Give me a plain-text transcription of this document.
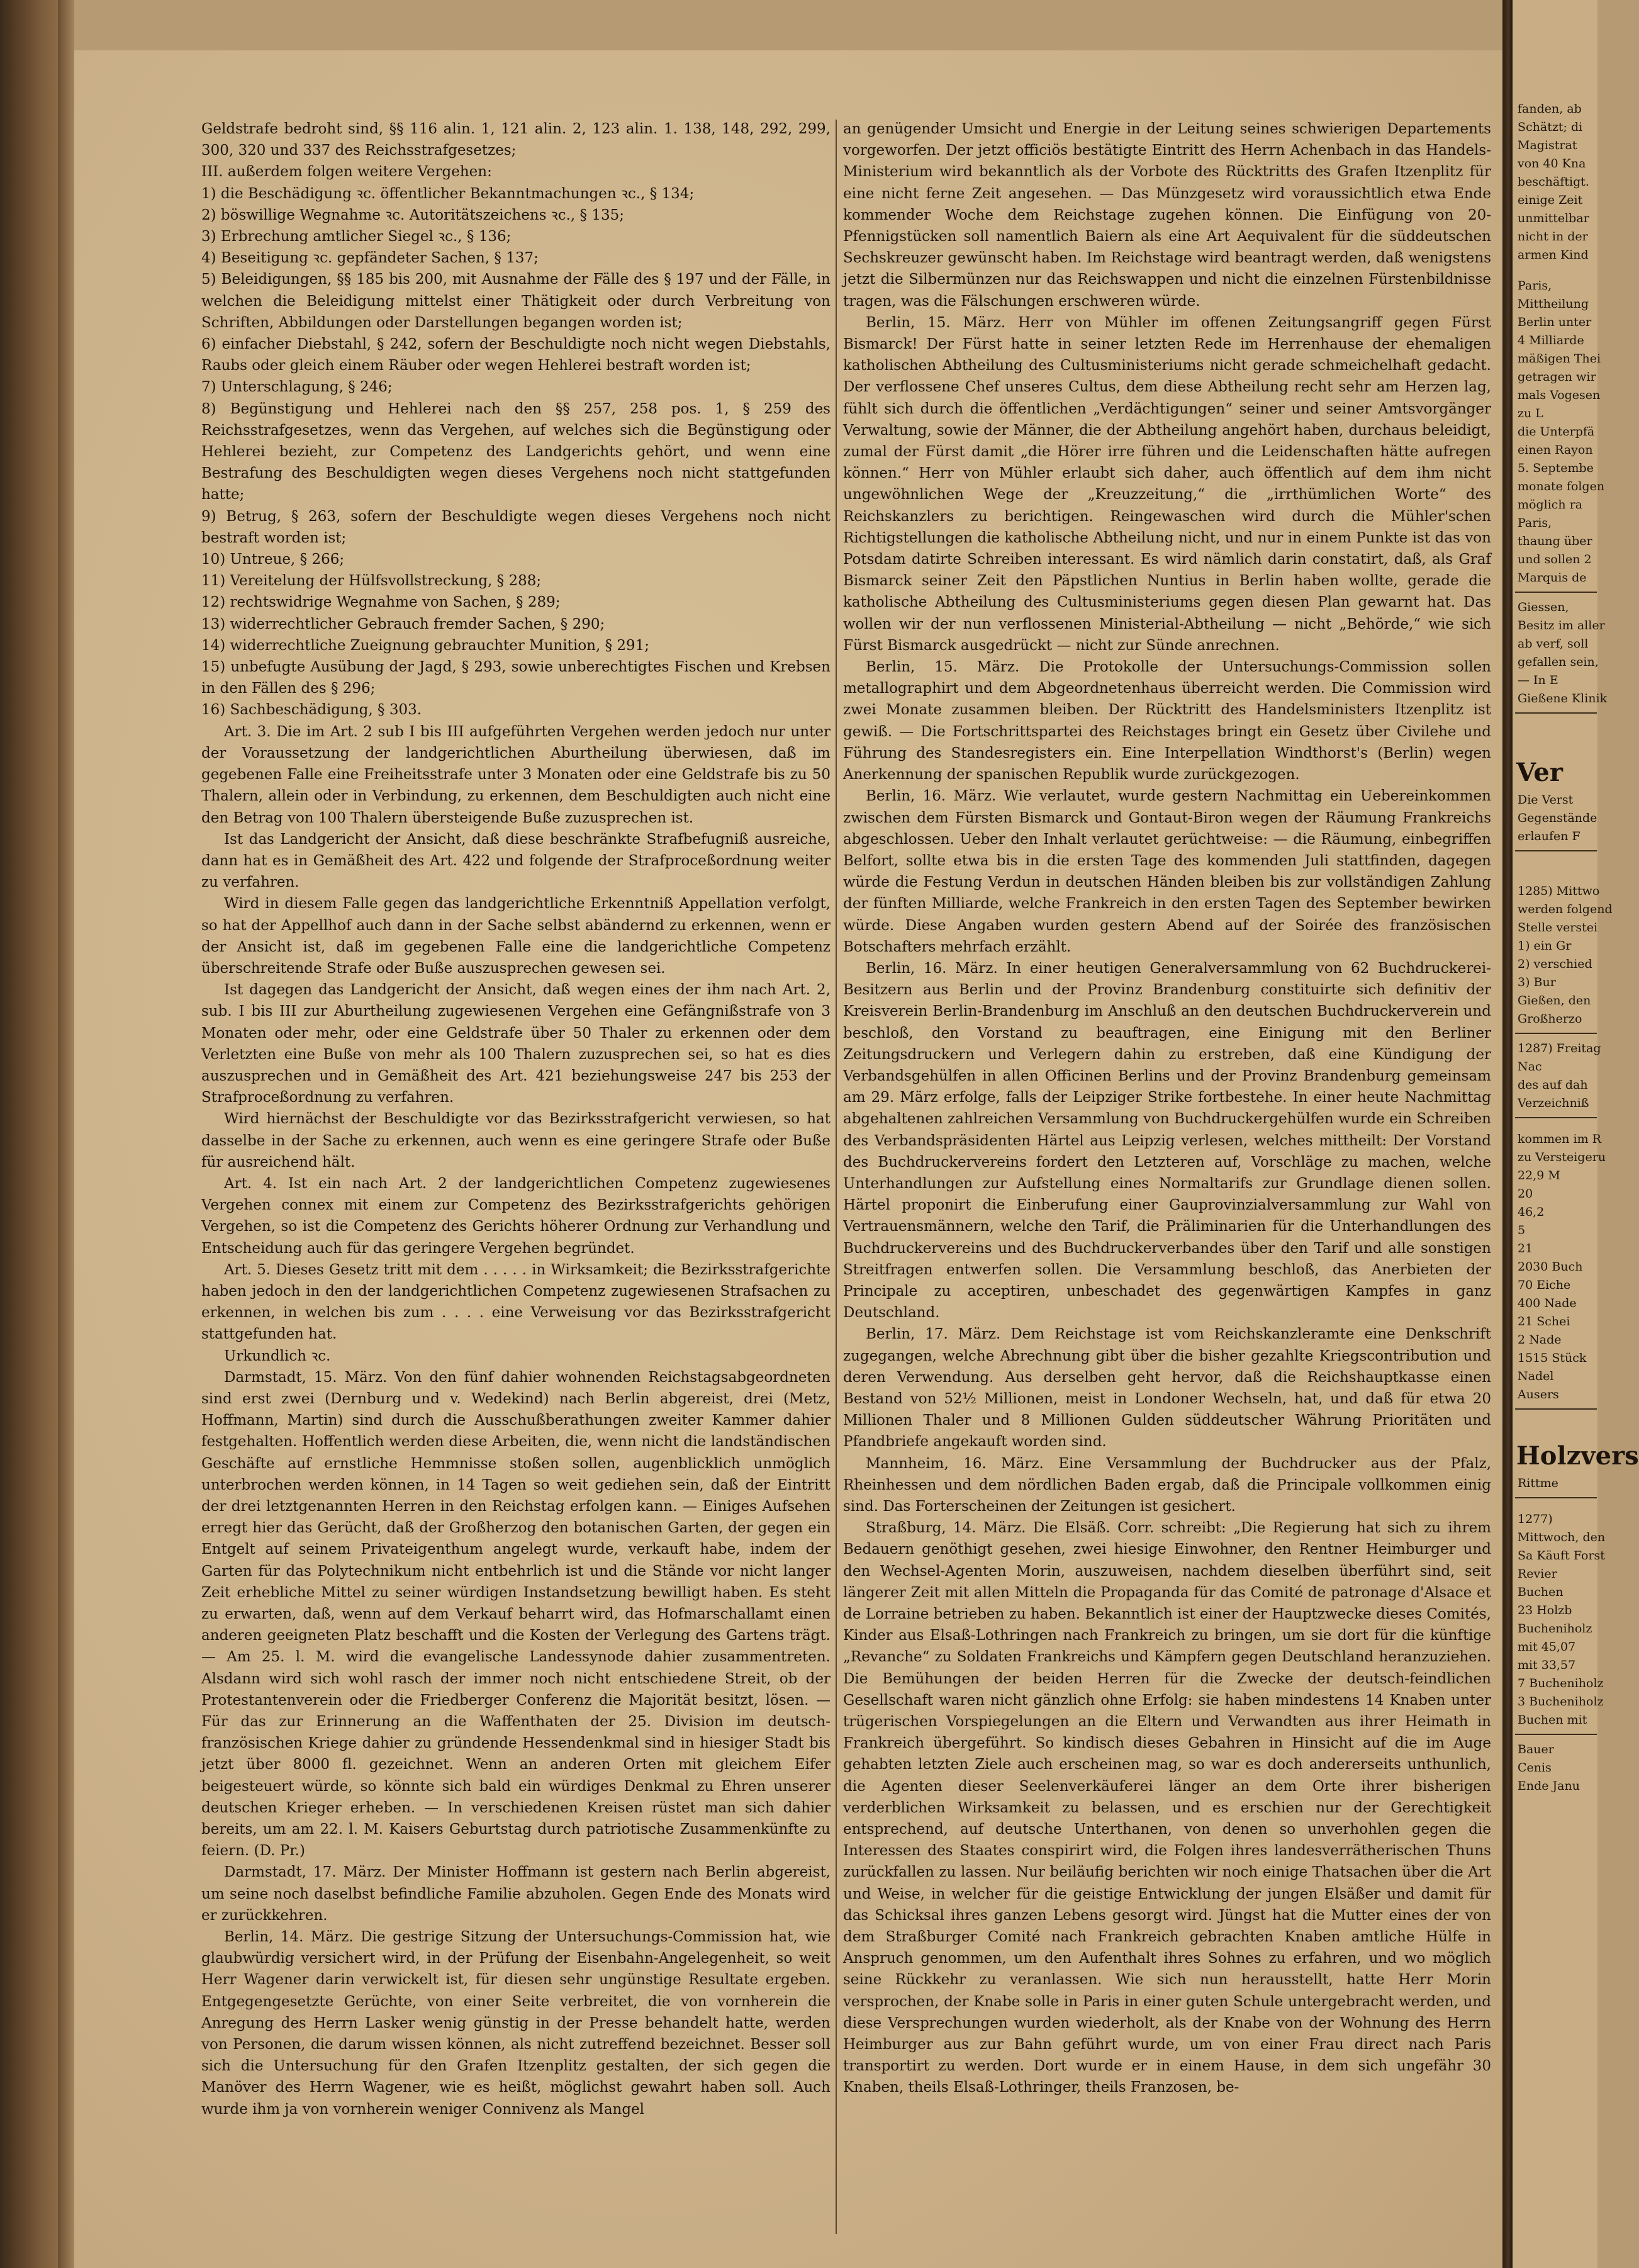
Geldstrafe bedroht sind, §§ 116 alin. 1, 121 alin. 2, 123 alin. 1. 138, 148, 292, 299, 300, 320 und 337 des Reichsstrafgesetzes;

III. außerdem folgen weitere Vergehen:

1) die Beschädigung ꝛc. öffentlicher Bekanntmachungen ꝛc., § 134;

2) böswillige Wegnahme ꝛc. Autoritätszeichens ꝛc., § 135;

3) Erbrechung amtlicher Siegel ꝛc., § 136;

4) Beseitigung ꝛc. gepfändeter Sachen, § 137;

5) Beleidigungen, §§ 185 bis 200, mit Ausnahme der Fälle des § 197 und der Fälle, in welchen die Beleidigung mittelst einer Thätigkeit oder durch Verbreitung von Schriften, Abbildungen oder Darstellungen begangen worden ist;

6) einfacher Diebstahl, § 242, sofern der Beschuldigte noch nicht wegen Diebstahls, Raubs oder gleich einem Räuber oder wegen Hehlerei bestraft worden ist;

7) Unterschlagung, § 246;

8) Begünstigung und Hehlerei nach den §§ 257, 258 pos. 1, § 259 des Reichsstrafgesetzes, wenn das Vergehen, auf welches sich die Begünstigung oder Hehlerei bezieht, zur Competenz des Landgerichts gehört, und wenn eine Bestrafung des Beschuldigten wegen dieses Vergehens noch nicht stattgefunden hatte;

9) Betrug, § 263, sofern der Beschuldigte wegen dieses Vergehens noch nicht bestraft worden ist;

10) Untreue, § 266;

11) Vereitelung der Hülfsvollstreckung, § 288;

12) rechtswidrige Wegnahme von Sachen, § 289;

13) widerrechtlicher Gebrauch fremder Sachen, § 290;

14) widerrechtliche Zueignung gebrauchter Munition, § 291;

15) unbefugte Ausübung der Jagd, § 293, sowie unberechtigtes Fischen und Krebsen in den Fällen des § 296;

16) Sachbeschädigung, § 303.

Art. 3. Die im Art. 2 sub I bis III aufgeführten Vergehen werden jedoch nur unter der Voraussetzung der landgerichtlichen Aburtheilung überwiesen, daß im gegebenen Falle eine Freiheitsstrafe unter 3 Monaten oder eine Geldstrafe bis zu 50 Thalern, allein oder in Verbindung, zu erkennen, dem Beschuldigten auch nicht eine den Betrag von 100 Thalern übersteigende Buße zuzusprechen ist.

Ist das Landgericht der Ansicht, daß diese beschränkte Strafbefugniß ausreiche, dann hat es in Gemäßheit des Art. 422 und folgende der Strafproceßordnung weiter zu verfahren.

Wird in diesem Falle gegen das landgerichtliche Erkenntniß Appellation verfolgt, so hat der Appellhof auch dann in der Sache selbst abändernd zu erkennen, wenn er der Ansicht ist, daß im gegebenen Falle eine die landgerichtliche Competenz überschreitende Strafe oder Buße auszusprechen gewesen sei.

Ist dagegen das Landgericht der Ansicht, daß wegen eines der ihm nach Art. 2, sub. I bis III zur Aburtheilung zugewiesenen Vergehen eine Gefängnißstrafe von 3 Monaten oder mehr, oder eine Geldstrafe über 50 Thaler zu erkennen oder dem Verletzten eine Buße von mehr als 100 Thalern zuzusprechen sei, so hat es dies auszusprechen und in Gemäßheit des Art. 421 beziehungsweise 247 bis 253 der Strafproceßordnung zu verfahren.

Wird hiernächst der Beschuldigte vor das Bezirksstrafgericht verwiesen, so hat dasselbe in der Sache zu erkennen, auch wenn es eine geringere Strafe oder Buße für ausreichend hält.

Art. 4. Ist ein nach Art. 2 der landgerichtlichen Competenz zugewiesenes Vergehen connex mit einem zur Competenz des Bezirksstrafgerichts gehörigen Vergehen, so ist die Competenz des Gerichts höherer Ordnung zur Verhandlung und Entscheidung auch für das geringere Vergehen begründet.

Art. 5. Dieses Gesetz tritt mit dem . . . . . in Wirksamkeit; die Bezirksstrafgerichte haben jedoch in den der landgerichtlichen Competenz zugewiesenen Strafsachen zu erkennen, in welchen bis zum . . . . eine Verweisung vor das Bezirksstrafgericht stattgefunden hat.

Urkundlich ꝛc.

Darmstadt, 15. März. Von den fünf dahier wohnenden Reichstagsabgeordneten sind erst zwei (Dernburg und v. Wedekind) nach Berlin abgereist, drei (Metz, Hoffmann, Martin) sind durch die Ausschußberathungen zweiter Kammer dahier festgehalten. Hoffentlich werden diese Arbeiten, die, wenn nicht die landständischen Geschäfte auf ernstliche Hemmnisse stoßen sollen, augenblicklich unmöglich unterbrochen werden können, in 14 Tagen so weit gediehen sein, daß der Eintritt der drei letztgenannten Herren in den Reichstag erfolgen kann. — Einiges Aufsehen erregt hier das Gerücht, daß der Großherzog den botanischen Garten, der gegen ein Entgelt auf seinem Privateigenthum angelegt wurde, verkauft habe, indem der Garten für das Polytechnikum nicht entbehrlich ist und die Stände vor nicht langer Zeit erhebliche Mittel zu seiner würdigen Instandsetzung bewilligt haben. Es steht zu erwarten, daß, wenn auf dem Verkauf beharrt wird, das Hofmarschallamt einen anderen geeigneten Platz beschafft und die Kosten der Verlegung des Gartens trägt. — Am 25. l. M. wird die evangelische Landessynode dahier zusammentreten. Alsdann wird sich wohl rasch der immer noch nicht entschiedene Streit, ob der Protestantenverein oder die Friedberger Conferenz die Majorität besitzt, lösen. — Für das zur Erinnerung an die Waffenthaten der 25. Division im deutsch-französischen Kriege dahier zu gründende Hessendenkmal sind in hiesiger Stadt bis jetzt über 8000 fl. gezeichnet. Wenn an anderen Orten mit gleichem Eifer beigesteuert würde, so könnte sich bald ein würdiges Denkmal zu Ehren unserer deutschen Krieger erheben. — In verschiedenen Kreisen rüstet man sich dahier bereits, um am 22. l. M. Kaisers Geburtstag durch patriotische Zusammenkünfte zu feiern. (D. Pr.)

Darmstadt, 17. März. Der Minister Hoffmann ist gestern nach Berlin abgereist, um seine noch daselbst befindliche Familie abzuholen. Gegen Ende des Monats wird er zurückkehren.

Berlin, 14. März. Die gestrige Sitzung der Untersuchungs-Commission hat, wie glaubwürdig versichert wird, in der Prüfung der Eisenbahn-Angelegenheit, so weit Herr Wagener darin verwickelt ist, für diesen sehr ungünstige Resultate ergeben. Entgegengesetzte Gerüchte, von einer Seite verbreitet, die von vornherein die Anregung des Herrn Lasker wenig günstig in der Presse behandelt hatte, werden von Personen, die darum wissen können, als nicht zutreffend bezeichnet. Besser soll sich die Untersuchung für den Grafen Itzenplitz gestalten, der sich gegen die Manöver des Herrn Wagener, wie es heißt, möglichst gewahrt haben soll. Auch wurde ihm ja von vornherein weniger Connivenz als Mangel

an genügender Umsicht und Energie in der Leitung seines schwierigen Departements vorgeworfen. Der jetzt officiös bestätigte Eintritt des Herrn Achenbach in das Handels-Ministerium wird bekanntlich als der Vorbote des Rücktritts des Grafen Itzenplitz für eine nicht ferne Zeit angesehen. — Das Münzgesetz wird voraussichtlich etwa Ende kommender Woche dem Reichstage zugehen können. Die Einfügung von 20-Pfennigstücken soll namentlich Baiern als eine Art Aequivalent für die süddeutschen Sechskreuzer gewünscht haben. Im Reichstage wird beantragt werden, daß wenigstens jetzt die Silbermünzen nur das Reichswappen und nicht die einzelnen Fürstenbildnisse tragen, was die Fälschungen erschweren würde.

Berlin, 15. März. Herr von Mühler im offenen Zeitungsangriff gegen Fürst Bismarck! Der Fürst hatte in seiner letzten Rede im Herrenhause der ehemaligen katholischen Abtheilung des Cultusministeriums nicht gerade schmeichelhaft gedacht. Der verflossene Chef unseres Cultus, dem diese Abtheilung recht sehr am Herzen lag, fühlt sich durch die öffentlichen „Verdächtigungen“ seiner und seiner Amtsvorgänger Verwaltung, sowie der Männer, die der Abtheilung angehört haben, durchaus beleidigt, zumal der Fürst damit „die Hörer irre führen und die Leidenschaften hätte aufregen können.“ Herr von Mühler erlaubt sich daher, auch öffentlich auf dem ihm nicht ungewöhnlichen Wege der „Kreuzzeitung,“ die „irrthümlichen Worte“ des Reichskanzlers zu berichtigen. Reingewaschen wird durch die Mühler'schen Richtigstellungen die katholische Abtheilung nicht, und nur in einem Punkte ist das von Potsdam datirte Schreiben interessant. Es wird nämlich darin constatirt, daß, als Graf Bismarck seiner Zeit den Päpstlichen Nuntius in Berlin haben wollte, gerade die katholische Abtheilung des Cultusministeriums gegen diesen Plan gewarnt hat. Das wollen wir der nun verflossenen Ministerial-Abtheilung — nicht „Behörde,“ wie sich Fürst Bismarck ausgedrückt — nicht zur Sünde anrechnen.

Berlin, 15. März. Die Protokolle der Untersuchungs-Commission sollen metallographirt und dem Abgeordnetenhaus überreicht werden. Die Commission wird zwei Monate zusammen bleiben. Der Rücktritt des Handelsministers Itzenplitz ist gewiß. — Die Fortschrittspartei des Reichstages bringt ein Gesetz über Civilehe und Führung des Standesregisters ein. Eine Interpellation Windthorst's (Berlin) wegen Anerkennung der spanischen Republik wurde zurückgezogen.

Berlin, 16. März. Wie verlautet, wurde gestern Nachmittag ein Uebereinkommen zwischen dem Fürsten Bismarck und Gontaut-Biron wegen der Räumung Frankreichs abgeschlossen. Ueber den Inhalt verlautet gerüchtweise: — die Räumung, einbegriffen Belfort, sollte etwa bis in die ersten Tage des kommenden Juli stattfinden, dagegen würde die Festung Verdun in deutschen Händen bleiben bis zur vollständigen Zahlung der fünften Milliarde, welche Frankreich in den ersten Tagen des September bewirken würde. Diese Angaben wurden gestern Abend auf der Soirée des französischen Botschafters mehrfach erzählt.

Berlin, 16. März. In einer heutigen Generalversammlung von 62 Buchdruckerei-Besitzern aus Berlin und der Provinz Brandenburg constituirte sich definitiv der Kreisverein Berlin-Brandenburg im Anschluß an den deutschen Buchdruckerverein und beschloß, den Vorstand zu beauftragen, eine Einigung mit den Berliner Zeitungsdruckern und Verlegern dahin zu erstreben, daß eine Kündigung der Verbandsgehülfen in allen Officinen Berlins und der Provinz Brandenburg gemeinsam am 29. März erfolge, falls der Leipziger Strike fortbestehe. In einer heute Nachmittag abgehaltenen zahlreichen Versammlung von Buchdruckergehülfen wurde ein Schreiben des Verbandspräsidenten Härtel aus Leipzig verlesen, welches mittheilt: Der Vorstand des Buchdruckervereins fordert den Letzteren auf, Vorschläge zu machen, welche Unterhandlungen zur Aufstellung eines Normaltarifs zur Grundlage dienen sollen. Härtel proponirt die Einberufung einer Gauprovinzialversammlung zur Wahl von Vertrauensmännern, welche den Tarif, die Präliminarien für die Unterhandlungen des Buchdruckervereins und des Buchdruckerverbandes über den Tarif und alle sonstigen Streitfragen entwerfen sollen. Die Versammlung beschloß, das Anerbieten der Principale zu acceptiren, unbeschadet des gegenwärtigen Kampfes in ganz Deutschland.

Berlin, 17. März. Dem Reichstage ist vom Reichskanzleramte eine Denkschrift zugegangen, welche Abrechnung gibt über die bisher gezahlte Kriegscontribution und deren Verwendung. Aus derselben geht hervor, daß die Reichshauptkasse einen Bestand von 52½ Millionen, meist in Londoner Wechseln, hat, und daß für etwa 20 Millionen Thaler und 8 Millionen Gulden süddeutscher Währung Prioritäten und Pfandbriefe angekauft worden sind.

Mannheim, 16. März. Eine Versammlung der Buchdrucker aus der Pfalz, Rheinhessen und dem nördlichen Baden ergab, daß die Principale vollkommen einig sind. Das Forterscheinen der Zeitungen ist gesichert.

Straßburg, 14. März. Die Elsäß. Corr. schreibt: „Die Regierung hat sich zu ihrem Bedauern genöthigt gesehen, zwei hiesige Einwohner, den Rentner Heimburger und den Wechsel-Agenten Morin, auszuweisen, nachdem dieselben überführt sind, seit längerer Zeit mit allen Mitteln die Propaganda für das Comité de patronage d'Alsace et de Lorraine betrieben zu haben. Bekanntlich ist einer der Hauptzwecke dieses Comités, Kinder aus Elsaß-Lothringen nach Frankreich zu bringen, um sie dort für die künftige „Revanche“ zu Soldaten Frankreichs und Kämpfern gegen Deutschland heranzuziehen. Die Bemühungen der beiden Herren für die Zwecke der deutsch-feindlichen Gesellschaft waren nicht gänzlich ohne Erfolg: sie haben mindestens 14 Knaben unter trügerischen Vorspiegelungen an die Eltern und Verwandten aus ihrer Heimath in Frankreich übergeführt. So kindisch dieses Gebahren in Hinsicht auf die im Auge gehabten letzten Ziele auch erscheinen mag, so war es doch andererseits unthunlich, die Agenten dieser Seelenverkäuferei länger an dem Orte ihrer bisherigen verderblichen Wirksamkeit zu belassen, und es erschien nur der Gerechtigkeit entsprechend, auf deutsche Unterthanen, von denen so unverhohlen gegen die Interessen des Staates conspirirt wird, die Folgen ihres landesverrätherischen Thuns zurückfallen zu lassen. Nur beiläufig berichten wir noch einige Thatsachen über die Art und Weise, in welcher für die geistige Entwicklung der jungen Elsäßer und damit für das Schicksal ihres ganzen Lebens gesorgt wird. Jüngst hat die Mutter eines der von dem Straßburger Comité nach Frankreich gebrachten Knaben amtliche Hülfe in Anspruch genommen, um den Aufenthalt ihres Sohnes zu erfahren, und wo möglich seine Rückkehr zu veranlassen. Wie sich nun herausstellt, hatte Herr Morin versprochen, der Knabe solle in Paris in einer guten Schule untergebracht werden, und diese Versprechungen wurden wiederholt, als der Knabe von der Wohnung des Herrn Heimburger aus zur Bahn geführt wurde, um von einer Frau direct nach Paris transportirt zu werden. Dort wurde er in einem Hause, in dem sich ungefähr 30 Knaben, theils Elsaß-Lothringer, theils Franzosen, be-

fanden, ab
Schätzt; di
Magistrat
von 40 Kna
beschäftigt.
einige Zeit
unmittelbar
nicht in der
armen Kind
Paris,
Mittheilung
Berlin unter
4 Milliarde
mäßigen Thei
getragen wir
mals Vogesen
zu L
die Unterpfä
einen Rayon
5. Septembe
monate folgen
möglich ra
Paris,
thaung über
und sollen 2
Marquis de
Giessen,
Besitz im aller
ab verf, soll
gefallen sein,
— In E
Gießene Klinik
Ver
Die Verst
Gegenstände
erlaufen F
1285) Mittwo
werden folgend
Stelle verstei
1) ein Gr
2) verschied
3) Bur
Gießen, den
Großherzo
1287) Freitag
Nac
des auf dah
Verzeichniß
kommen im R
zu Versteigeru
22,9 M
20
46,2
5
21
2030 Buch
70 Eiche
400 Nade
21 Schei
2 Nade
1515 Stück
Nadel
Ausers
Holzvers
Rittme
1277)
Mittwoch, den
Sa Käuft Forst
Revier
Buchen
23 Holzb
Bucheniholz
mit 45,07
mit 33,57
7 Bucheniholz
3 Bucheniholz
Buchen mit
Bauer
Cenis
Ende Janu
